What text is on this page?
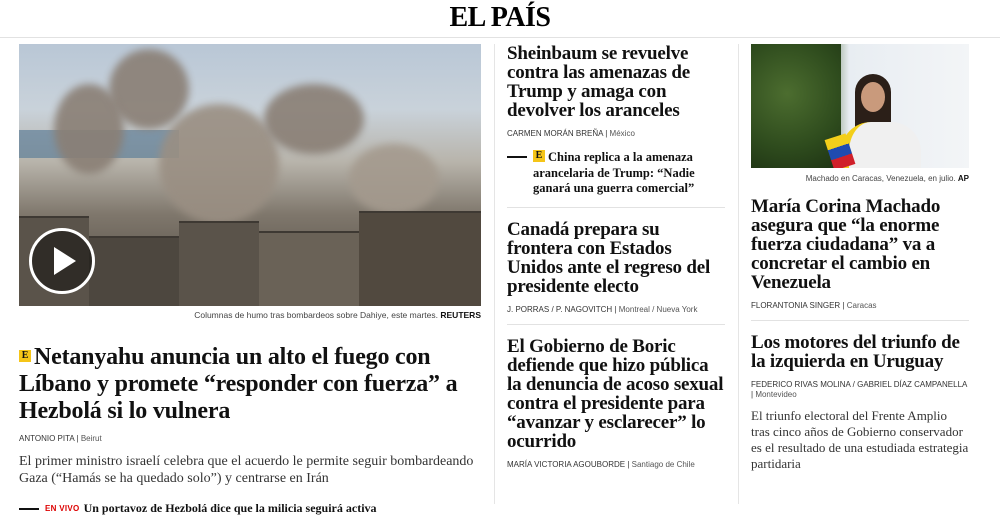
EL PAÍS
Columnas de humo tras bombardeos sobre Dahiye, este martes. REUTERS
E Netanyahu anuncia un alto el fuego con Líbano y promete “responder con fuerza” a Hezbolá si lo vulnera
ANTONIO PITA | Beirut

El primer ministro israelí celebra que el acuerdo le permite seguir bombardeando Gaza (“Hamás se ha quedado solo”) y centrarse en Irán

EN VIVO Un portavoz de Hezbolá dice que la milicia seguirá activa
Sheinbaum se revuelve contra las amenazas de Trump y amaga con devolver los aranceles
CARMEN MORÁN BREÑA | México
E China replica a la amenaza arancelaria de Trump: “Nadie ganará una guerra comercial”
Canadá prepara su frontera con Estados Unidos ante el regreso del presidente electo
J. PORRAS / P. NAGOVITCH | Montreal / Nueva York
El Gobierno de Boric defiende que hizo pública la denuncia de acoso sexual contra el presidente para “avanzar y esclarecer” lo ocurrido
MARÍA VICTORIA AGOUBORDE | Santiago de Chile
Machado en Caracas, Venezuela, en julio. AP
María Corina Machado asegura que “la enorme fuerza ciudadana” va a concretar el cambio en Venezuela
FLORANTONIA SINGER | Caracas
Los motores del triunfo de la izquierda en Uruguay
FEDERICO RIVAS MOLINA / GABRIEL DÍAZ CAMPANELLA | Montevideo

El triunfo electoral del Frente Amplio tras cinco años de Gobierno conservador es el resultado de una estudiada estrategia partidaria
